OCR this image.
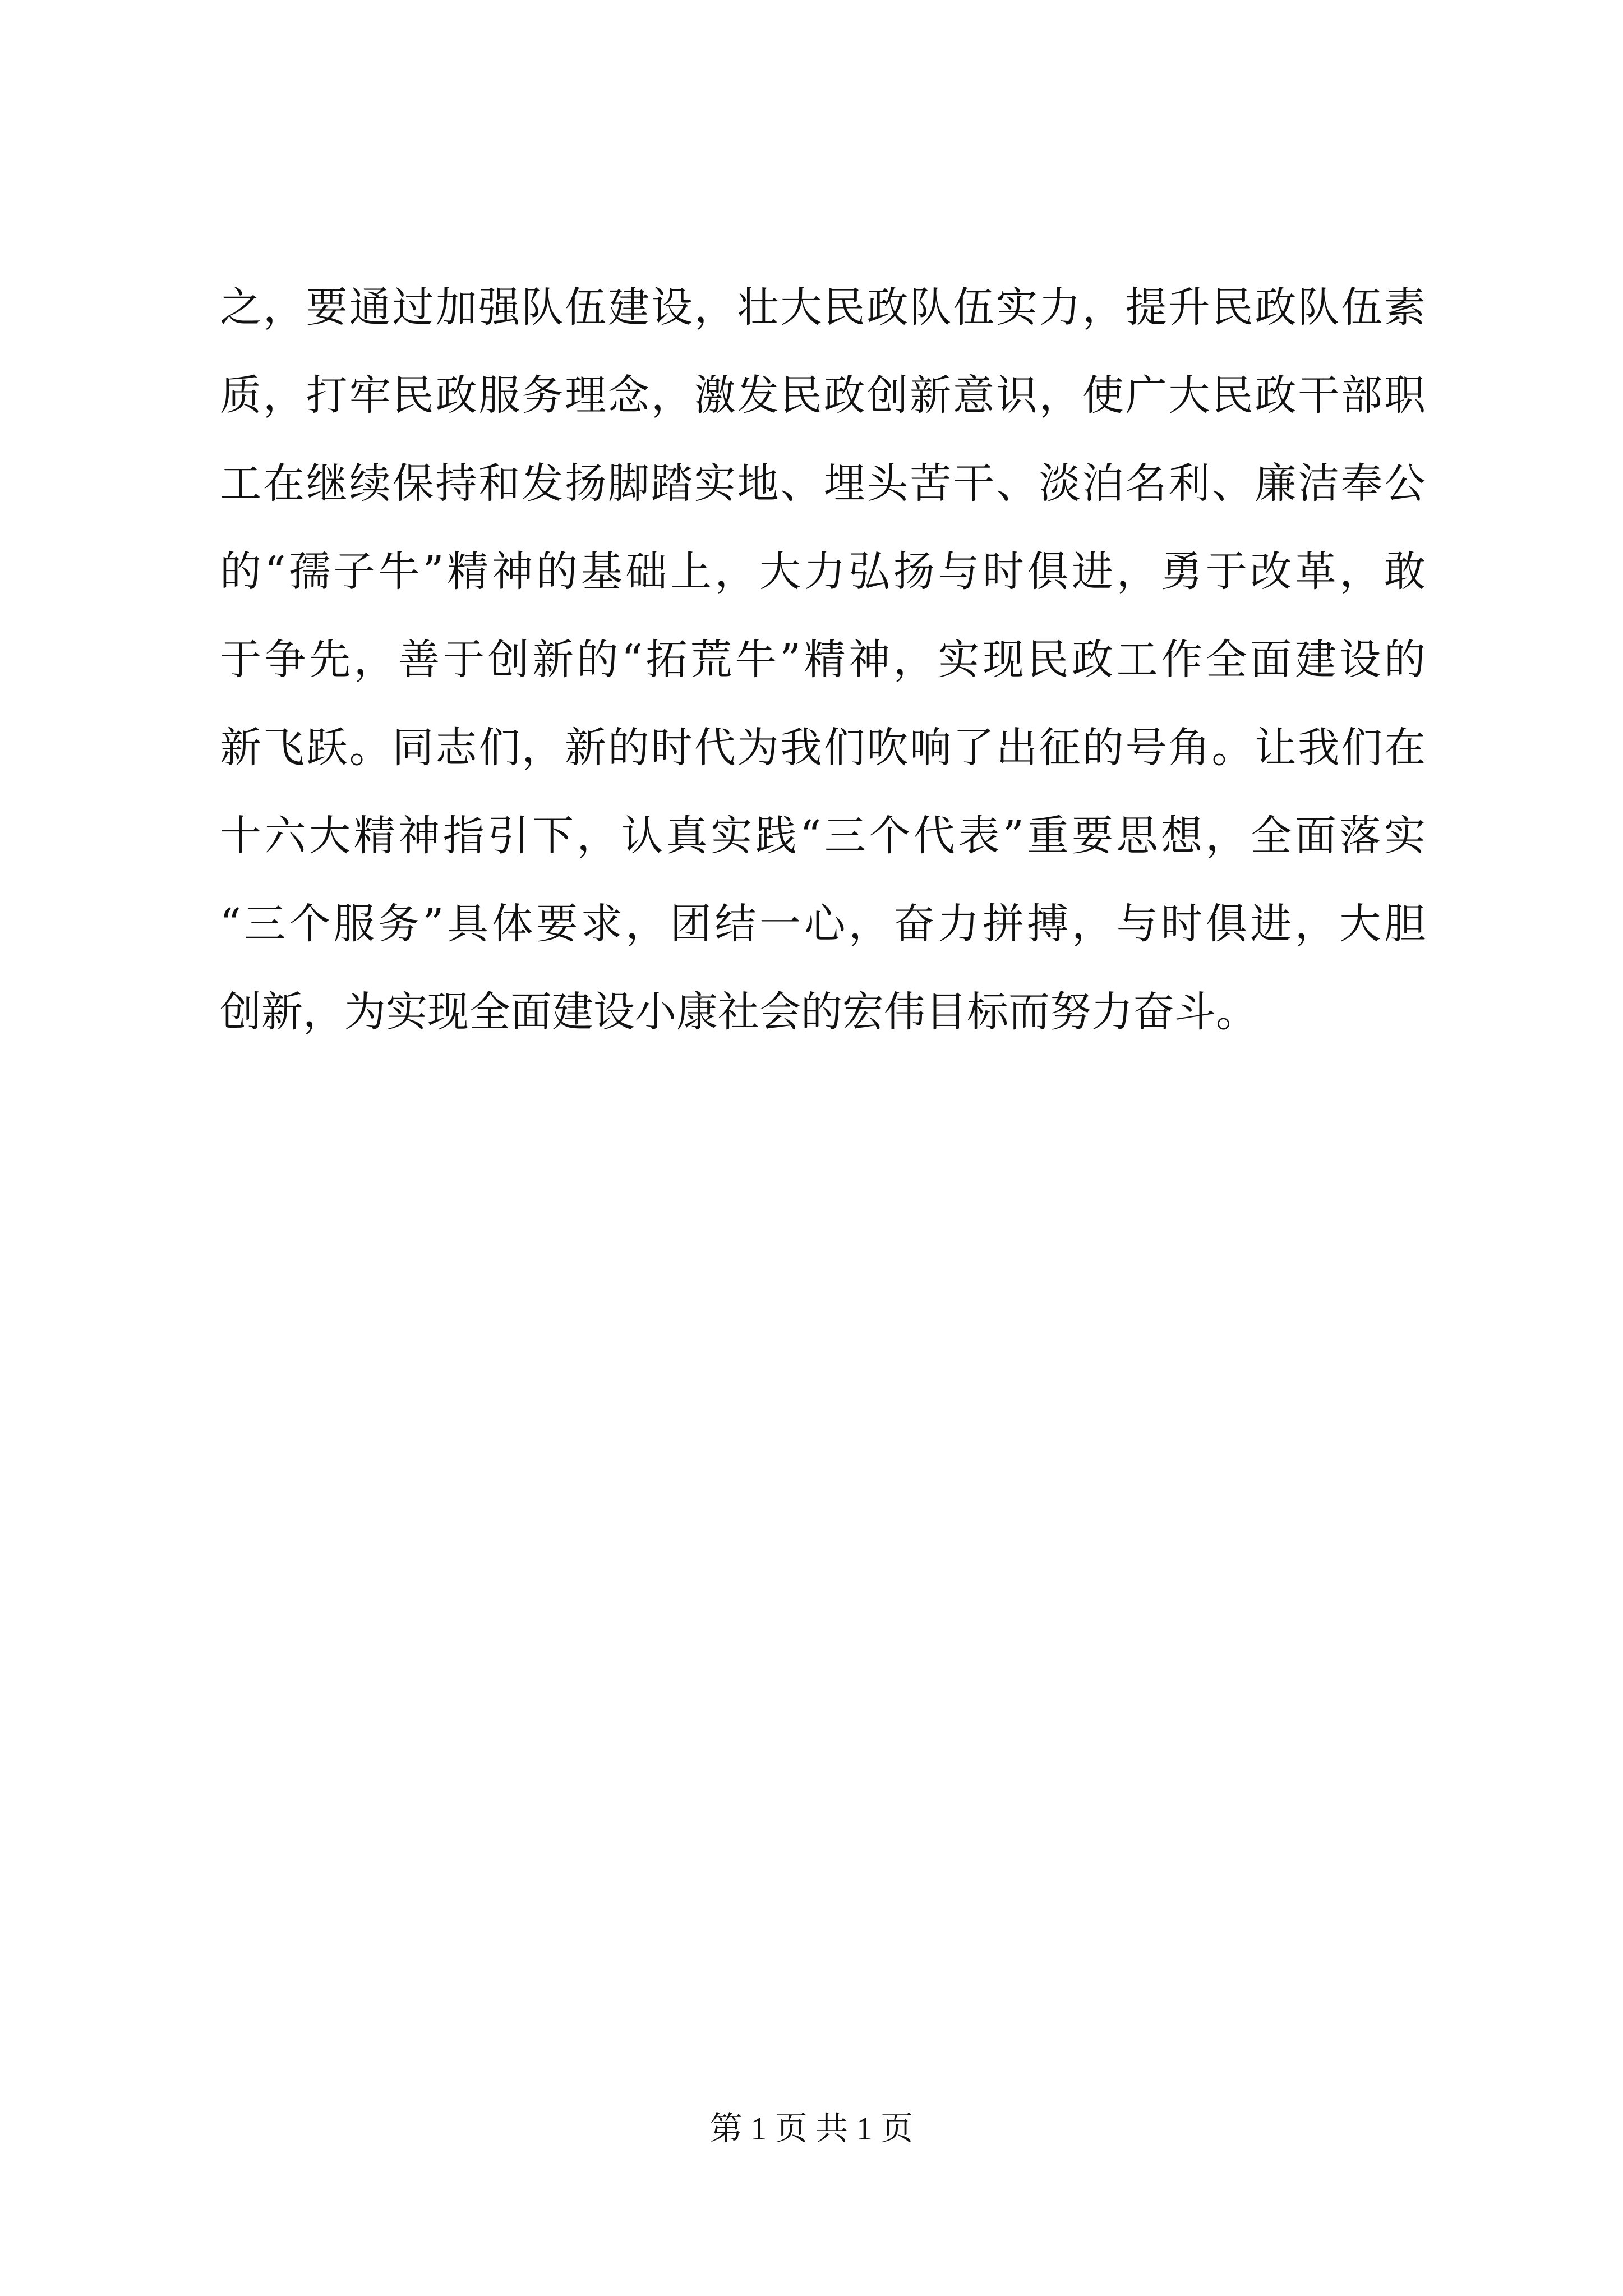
之，要通过加强队伍建设，壮大民政队伍实力，提升民政队伍素
质，打牢民政服务理念，激发民政创新意识，使广大民政干部职
工在继续保持和发扬脚踏实地、埋头苦干、淡泊名利、廉洁奉公
的“孺子牛”精神的基础上，大力弘扬与时俱进，勇于改革，敢
于争先，善于创新的“拓荒牛”精神，实现民政工作全面建设的
新飞跃。同志们，新的时代为我们吹响了出征的号角。让我们在
十六大精神指引下，认真实践“三个代表”重要思想，全面落实
“三个服务”具体要求，团结一心，奋力拼搏，与时俱进，大胆
创新，为实现全面建设小康社会的宏伟目标而努力奋斗。
第 1 页 共 1 页
